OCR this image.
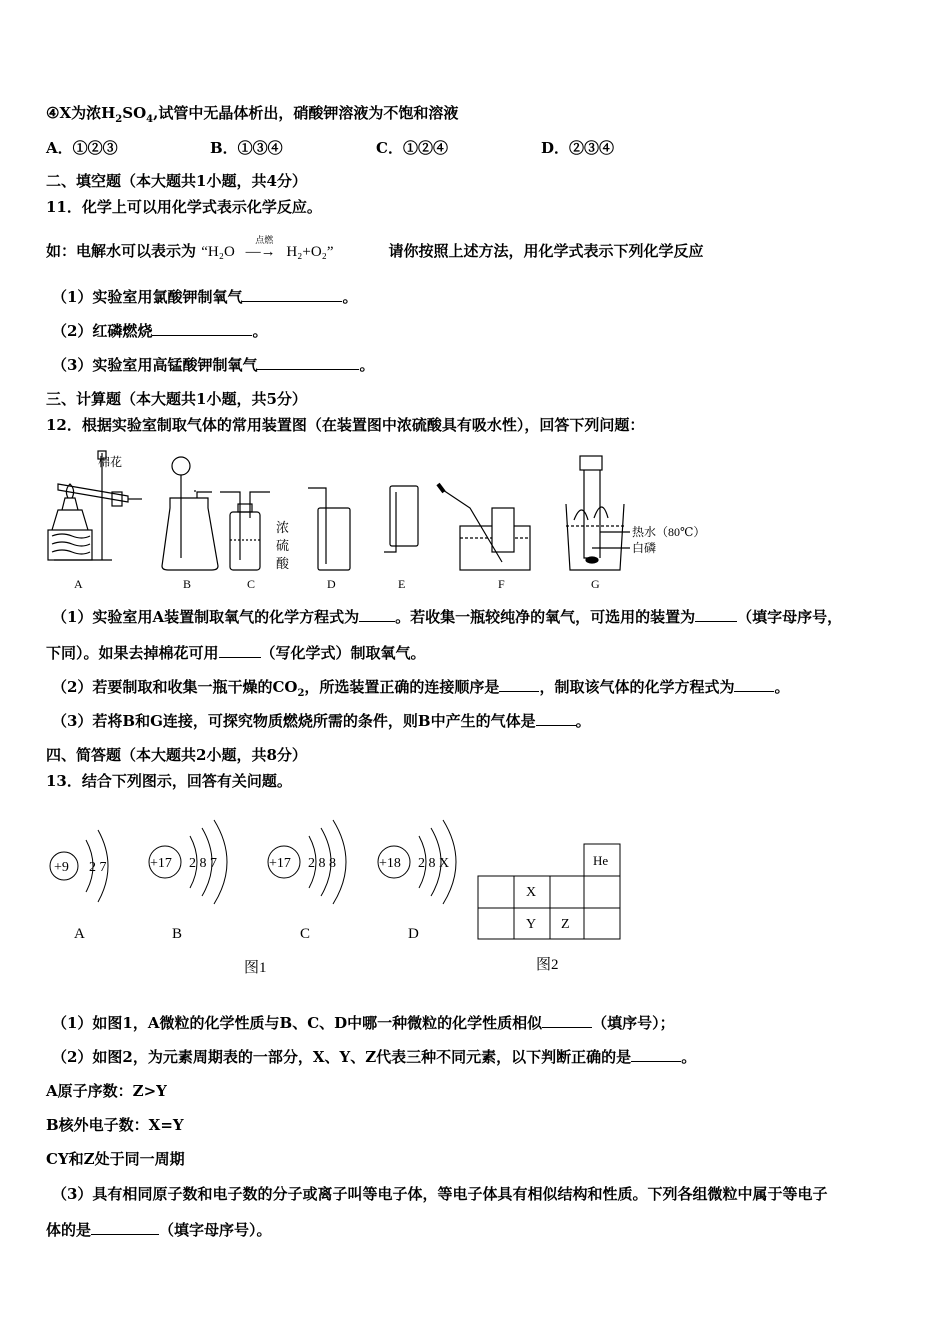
④X为浓$H_2SO_4$,试管中无晶体析出，硝酸钾溶液为不饱和溶液
A．①②③	B．①③④	C．①②④	D．②③④
二、填空题（本大题共1小题，共4分）
11．化学上可以用化学式表示化学反应。
如：电解水可以表示为 “H₂O
点燃
―→ H₂+O₂”	请你按照上述方法，用化学式表示下列化学反应
（1）实验室用氯酸钾制氧气	。
（2）红磷燃烧	。
（3）实验室用高锰酸钾制氧气	。
三、计算题（本大题共1小题，共5分）
12．根据实验室制取气体的常用装置图（在装置图中浓硫酸具有吸水性），回答下列问题：
棉花
浓
硫
酸
热水（80℃）
白磷
A	B	C	D	E	F	G
（1）实验室用A装置制取氧气的化学方程式为 。若收集一瓶较纯净的氧气，可选用的装置为	（填字母序号，
下同）。如果去掉棉花可用	（写化学式）制取氧气。
（2）若要制取和收集一瓶干燥的$CO_2$，所选装置正确的连接顺序是	，制取该气体的化学方程式为	。
（3）若将B和G连接，可探究物质燃烧所需的条件，则B中产生的气体是	。
四、简答题（本大题共2小题，共8分）
13．结合下列图示，回答有关问题。
+9 2 7	+17 2 8 7	+17 2 8 8	+18 2 8 X
A	B	C	D
图1
He
X
Y Z
图2
（1）如图1，A微粒的化学性质与B、C、D中哪一种微粒的化学性质相似	（填序号）；
（2）如图2，为元素周期表的一部分，X、Y、Z代表三种不同元素，以下判断正确的是	。
A原子序数：Z>Y
B核外电子数：X=Y
CY和Z处于同一周期
（3）具有相同原子数和电子数的分子或离子叫等电子体，等电子体具有相似结构和性质。下列各组微粒中属于等电子
体的是	（填字母序号）。
